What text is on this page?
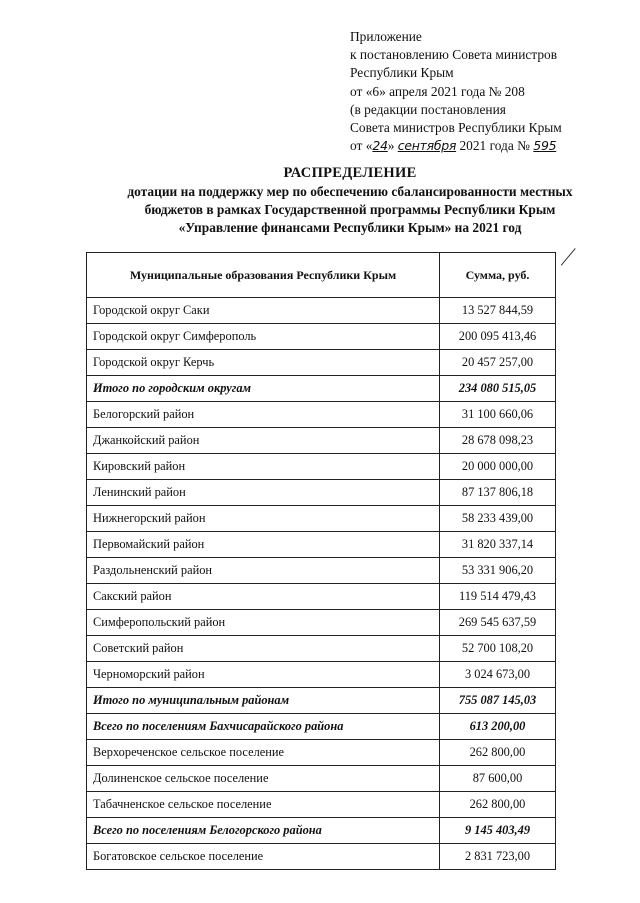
Приложение
к постановлению Совета министров
Республики Крым
от «6» апреля 2021 года № 208
(в редакции постановления
Совета министров Республики Крым
от «24» сентября 2021 года № 595
РАСПРЕДЕЛЕНИЕ
дотации на поддержку мер по обеспечению сбалансированности местных
бюджетов в рамках Государственной программы Республики Крым
«Управление финансами Республики Крым» на 2021 год
Муниципальные образования Республики Крым	Сумма, руб.
Городской округ Саки	13 527 844,59
Городской округ Симферополь	200 095 413,46
Городской округ Керчь	20 457 257,00
Итого по городским округам	234 080 515,05
Белогорский район	31 100 660,06
Джанкойский район	28 678 098,23
Кировский район	20 000 000,00
Ленинский район	87 137 806,18
Нижнегорский район	58 233 439,00
Первомайский район	31 820 337,14
Раздольненский район	53 331 906,20
Сакский район	119 514 479,43
Симферопольский район	269 545 637,59
Советский район	52 700 108,20
Черноморский район	3 024 673,00
Итого по муниципальным районам	755 087 145,03
Всего по поселениям Бахчисарайского района	613 200,00
Верхореченское сельское поселение	262 800,00
Долиненское сельское поселение	87 600,00
Табачненское сельское поселение	262 800,00
Всего по поселениям Белогорского района	9 145 403,49
Богатовское сельское поселение	2 831 723,00
